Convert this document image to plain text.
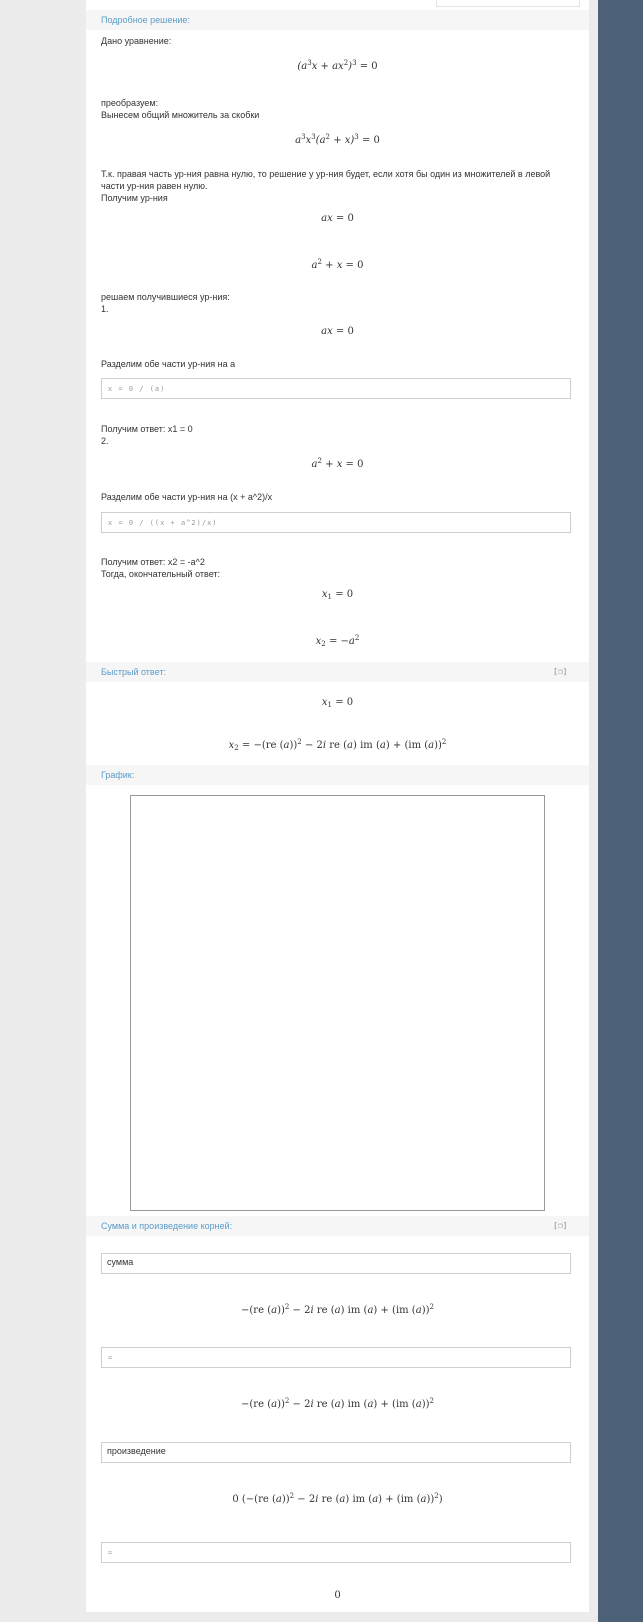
Подробное решение:
Дано уравнение:
$(a^3x + ax^2)^3 = 0$
преобразуем:
Вынесем общий множитель за скобки
$a^3x^3(a^2 + x)^3 = 0$
Т.к. правая часть ур-ния равна нулю, то решение у ур-ния будет, если хотя бы один из множителей в левой
части ур-ния равен нулю.
Получим ур-ния
ax = 0
$a^2 + x = 0$
решаем получившиеся ур-ния:
1.
ax = 0
Разделим обе части ур-ния на a
x = 0 / (a)
Получим ответ: x1 = 0
2.
$a^2 + x = 0$
Разделим обе части ур-ния на (x + a^2)/x
x = 0 / ((x + a^2)/x)
Получим ответ: x2 = -a^2
Тогда, окончательный ответ:
$x_1 = 0$
$x_2 = -a^2$
Быстрый ответ:	[❐]
$x_1 = 0$
$x_2 = -(re$ (a))$^2$ − 2i re (a) im (a) + (im (a))$^2$
График:
Сумма и произведение корней:	[❐]
сумма
−(re (a))$^2$ − 2i re (a) im (a) + (im (a))$^2$
=
−(re (a))$^2$ − 2i re (a) im (a) + (im (a))$^2$
произведение
0 (−(re (a))$^2$ − 2i re (a) im (a) + (im (a))$^2$)
=
0
